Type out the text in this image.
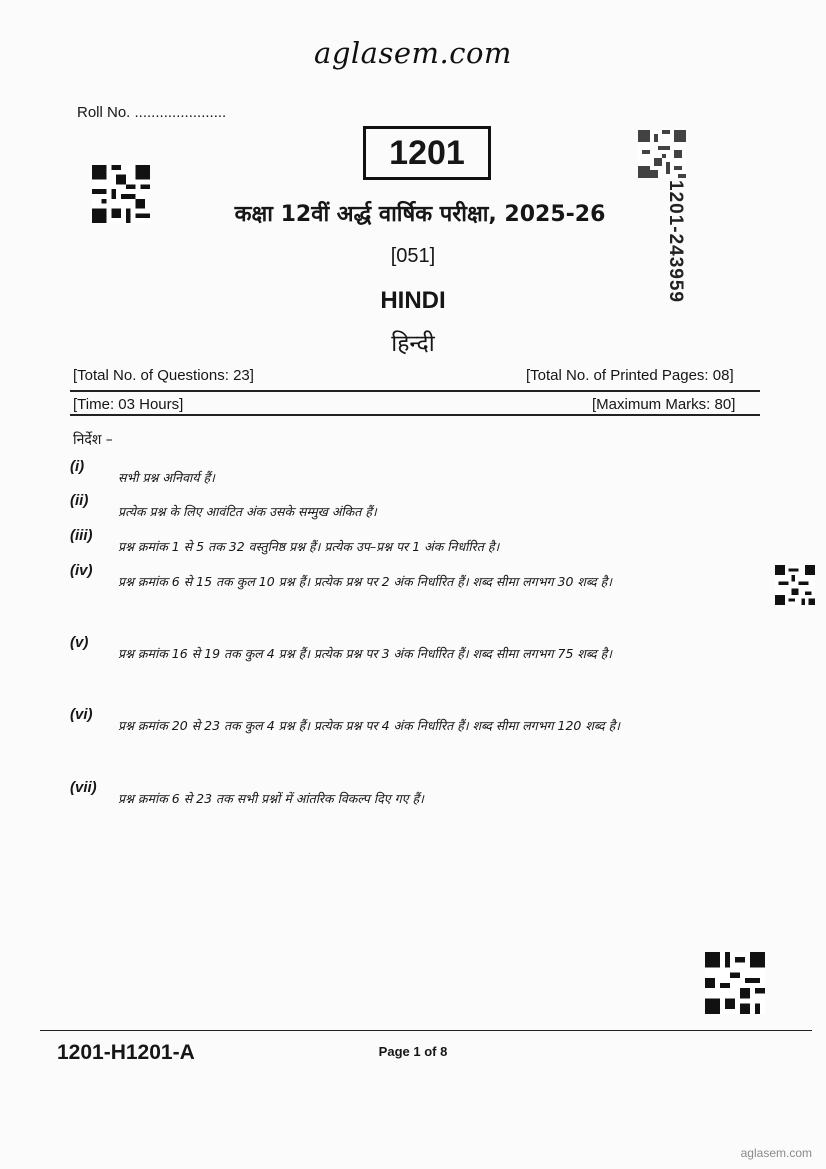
aglasem.com
Roll No. ......................
1201-243959
1201
कक्षा 12वीं अर्द्ध वार्षिक परीक्षा, 2025-26
[051]
HINDI
हिन्दी
[Total No. of Questions: 23]	[Total No. of Printed Pages: 08]
[Time: 03 Hours]	[Maximum Marks: 80]
निर्देश –
(i)
सभी प्रश्न अनिवार्य हैं।
(ii)
प्रत्येक प्रश्न के लिए आवंटित अंक उसके सम्मुख अंकित हैं।
(iii)
प्रश्न क्रमांक 1 से 5 तक 32 वस्तुनिष्ठ प्रश्न हैं। प्रत्येक उप–प्रश्न पर 1 अंक निर्धारित है।
(iv)
प्रश्न क्रमांक 6 से 15 तक कुल 10 प्रश्न हैं। प्रत्येक प्रश्न पर 2 अंक निर्धारित हैं। शब्द सीमा लगभग 30 शब्द है।
(v)
प्रश्न क्रमांक 16 से 19 तक कुल 4 प्रश्न हैं। प्रत्येक प्रश्न पर 3 अंक निर्धारित हैं। शब्द सीमा लगभग 75 शब्द है।
(vi)
प्रश्न क्रमांक 20 से 23 तक कुल 4 प्रश्न हैं। प्रत्येक प्रश्न पर 4 अंक निर्धारित हैं। शब्द सीमा लगभग 120 शब्द है।
(vii)
प्रश्न क्रमांक 6 से 23 तक सभी प्रश्नों में आंतरिक विकल्प दिए गए हैं।
1201-H1201-A	Page 1 of 8
aglasem.com
